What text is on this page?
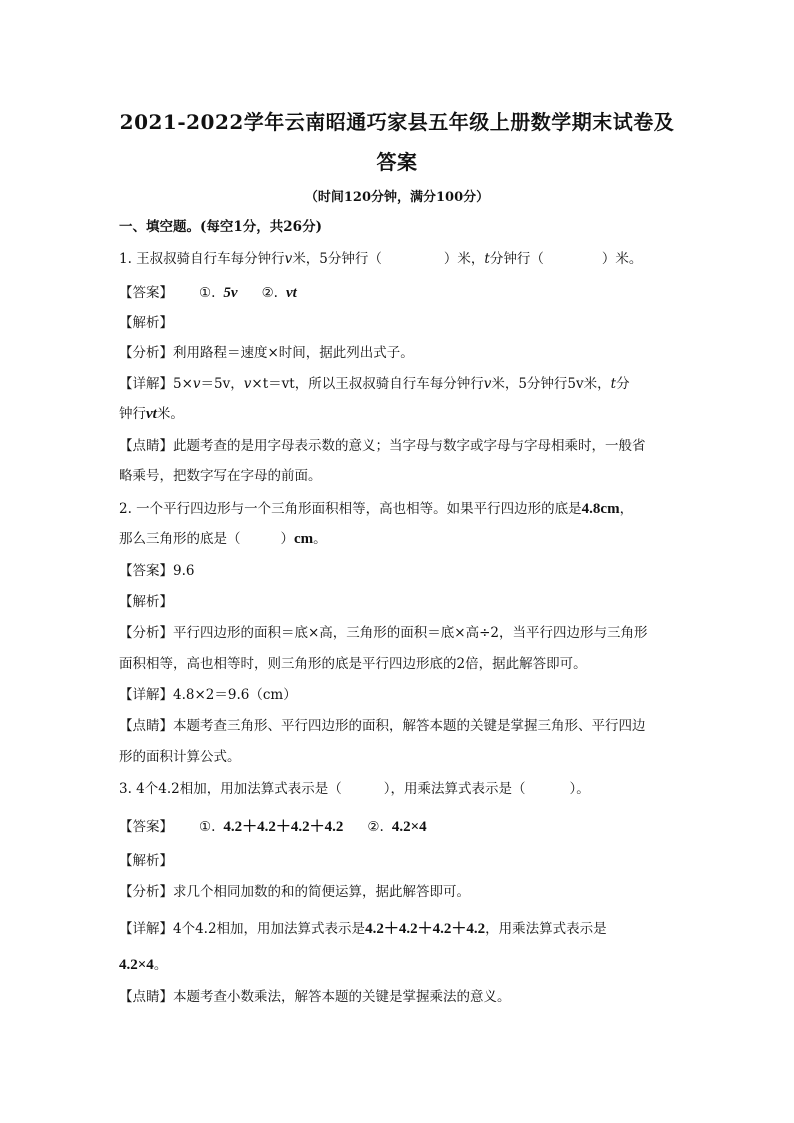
2021-2022学年云南昭通巧家县五年级上册数学期末试卷及
答案
（时间120分钟，满分100分）
一、填空题。(每空1分，共26分)
1. 王叔叔骑自行车每分钟行v米，5分钟行（	）米，t分钟行（	）米。
【答案】 ①. 5v ②. vt
【解析】
【分析】利用路程＝速度×时间，据此列出式子。
【详解】5×v＝5v，v×t＝vt，所以王叔叔骑自行车每分钟行v米，5分钟行5v米，t分
钟行vt米。
【点睛】此题考查的是用字母表示数的意义；当字母与数字或字母与字母相乘时，一般省
略乘号，把数字写在字母的前面。
2. 一个平行四边形与一个三角形面积相等，高也相等。如果平行四边形的底是4.8cm，
那么三角形的底是（	）cm。
【答案】9.6
【解析】
【分析】平行四边形的面积＝底×高，三角形的面积＝底×高÷2，当平行四边形与三角形
面积相等，高也相等时，则三角形的底是平行四边形底的2倍，据此解答即可。
【详解】4.8×2＝9.6（cm）
【点睛】本题考查三角形、平行四边形的面积，解答本题的关键是掌握三角形、平行四边
形的面积计算公式。
3. 4个4.2相加，用加法算式表示是（	），用乘法算式表示是（	）。
【答案】 ①. 4.2＋4.2＋4.2＋4.2 ②. 4.2×4
【解析】
【分析】求几个相同加数的和的简便运算，据此解答即可。
【详解】4个4.2相加，用加法算式表示是4.2＋4.2＋4.2＋4.2，用乘法算式表示是
4.2×4。
【点睛】本题考查小数乘法，解答本题的关键是掌握乘法的意义。
